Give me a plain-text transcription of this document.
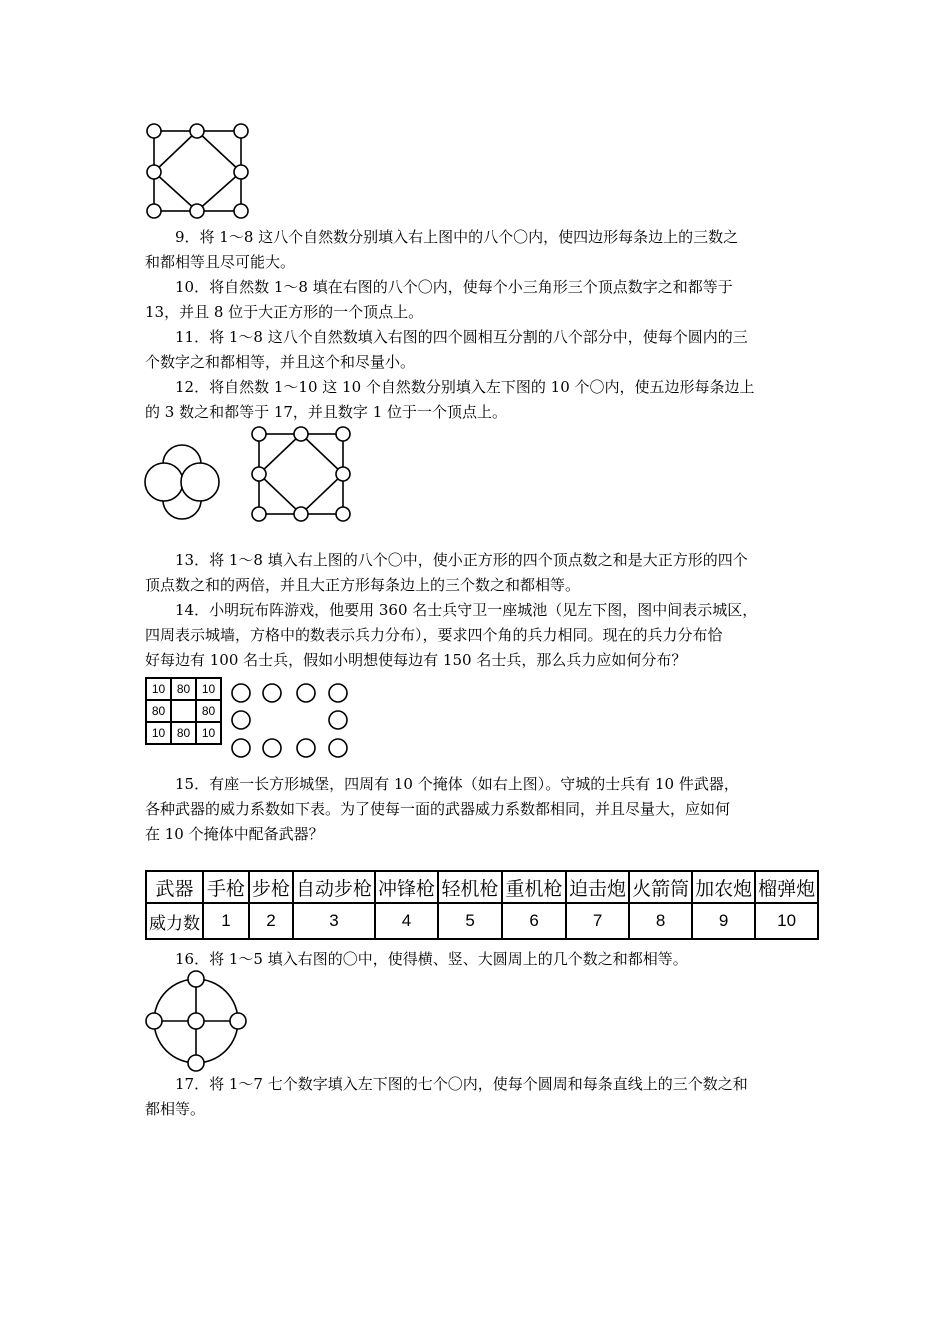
9．将 1～8 这八个自然数分别填入右上图中的八个〇内，使四边形每条边上的三数之
和都相等且尽可能大。
10．将自然数 1～8 填在右图的八个〇内，使每个小三角形三个顶点数字之和都等于
13，并且 8 位于大正方形的一个顶点上。
11．将 1～8 这八个自然数填入右图的四个圆相互分割的八个部分中，使每个圆内的三
个数字之和都相等，并且这个和尽量小。
12．将自然数 1～10 这 10 个自然数分别填入左下图的 10 个〇内，使五边形每条边上
的 3 数之和都等于 17，并且数字 1 位于一个顶点上。
13．将 1～8 填入右上图的八个〇中，使小正方形的四个顶点数之和是大正方形的四个
顶点数之和的两倍，并且大正方形每条边上的三个数之和都相等。
14．小明玩布阵游戏，他要用 360 名士兵守卫一座城池（见左下图，图中间表示城区，
四周表示城墙，方格中的数表示兵力分布），要求四个角的兵力相同。现在的兵力分布恰
好每边有 100 名士兵，假如小明想使每边有 150 名士兵，那么兵力应如何分布？
10	80	10
80		80
10	80	10
15．有座一长方形城堡，四周有 10 个掩体（如右上图）。守城的士兵有 10 件武器，
各种武器的威力系数如下表。为了使每一面的武器威力系数都相同，并且尽量大，应如何
在 10 个掩体中配备武器？
武器	手枪	步枪	自动步枪	冲锋枪	轻机枪	重机枪	迫击炮	火箭筒	加农炮	榴弹炮
威力数	1	2	3	4	5	6	7	8	9	10
16．将 1～5 填入右图的〇中，使得横、竖、大圆周上的几个数之和都相等。
17．将 1～7 七个数字填入左下图的七个〇内，使每个圆周和每条直线上的三个数之和
都相等。
